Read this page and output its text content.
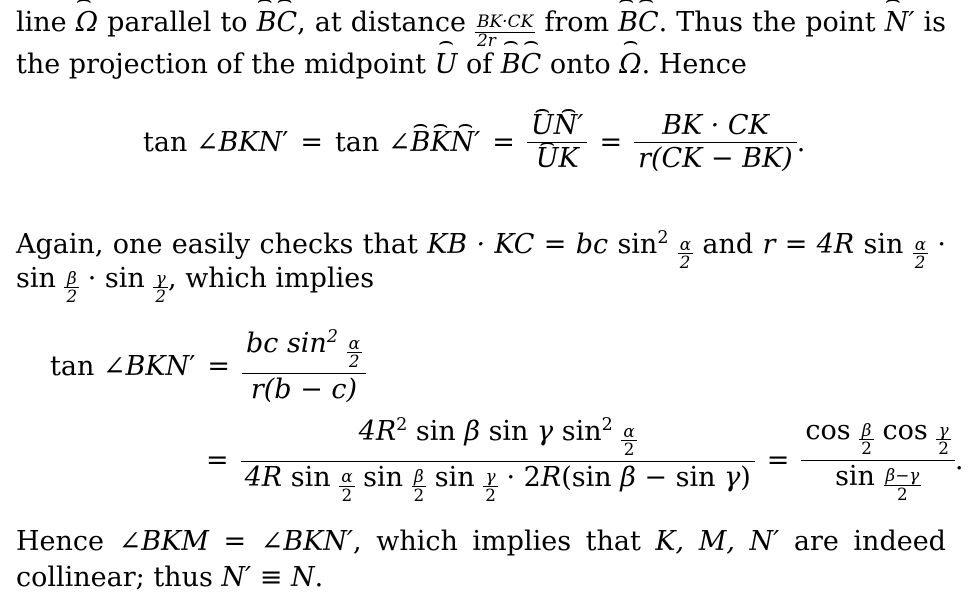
line ⌢ Ω parallel to ⌢ B⌢ C, at distance $\frac{BK\cdot CK}{2r}$ from ⌢ B⌢ C. Thus the point ⌢ N′ is
the projection of the midpoint ⌢ U of ⌢ B⌢ C onto ⌢ Ω. Hence
tan ∠BKN′ = tan ∠⌢ B⌢ K⌢ N′ = ⌢ U⌢ N′
⌢ UK = $\frac{BK \cdot CK}{r(CK - BK)}$ .
Again, one easily checks that KB · KC = bc $\sin^2 \frac{\alpha}{2}$ and r = 4R $\sin \frac{\alpha}{2}$ ·
$\sin \frac{\beta}{2} \cdot \sin \frac{\gamma}{2}$ , which implies
tan ∠BKN′ = $\frac{bc \sin^2 \frac{\alpha}{2}}{r(b - c)}$
= $\frac{4R^2 \sin \beta \sin \gamma \sin^2 \frac{\alpha}{2}}{4R \sin \frac{\alpha}{2} \sin \frac{\beta}{2} \sin \frac{\gamma}{2} \cdot 2R(\sin \beta - \sin \gamma)} = \frac{\cos \frac{\beta}{2} \cos \frac{\gamma}{2}}{\sin \frac{\beta-\gamma}{2}}$ .
Hence ∠BKM = ∠BKN′, which implies that K, M, N′ are indeed
collinear; thus N′ ≡ N.
